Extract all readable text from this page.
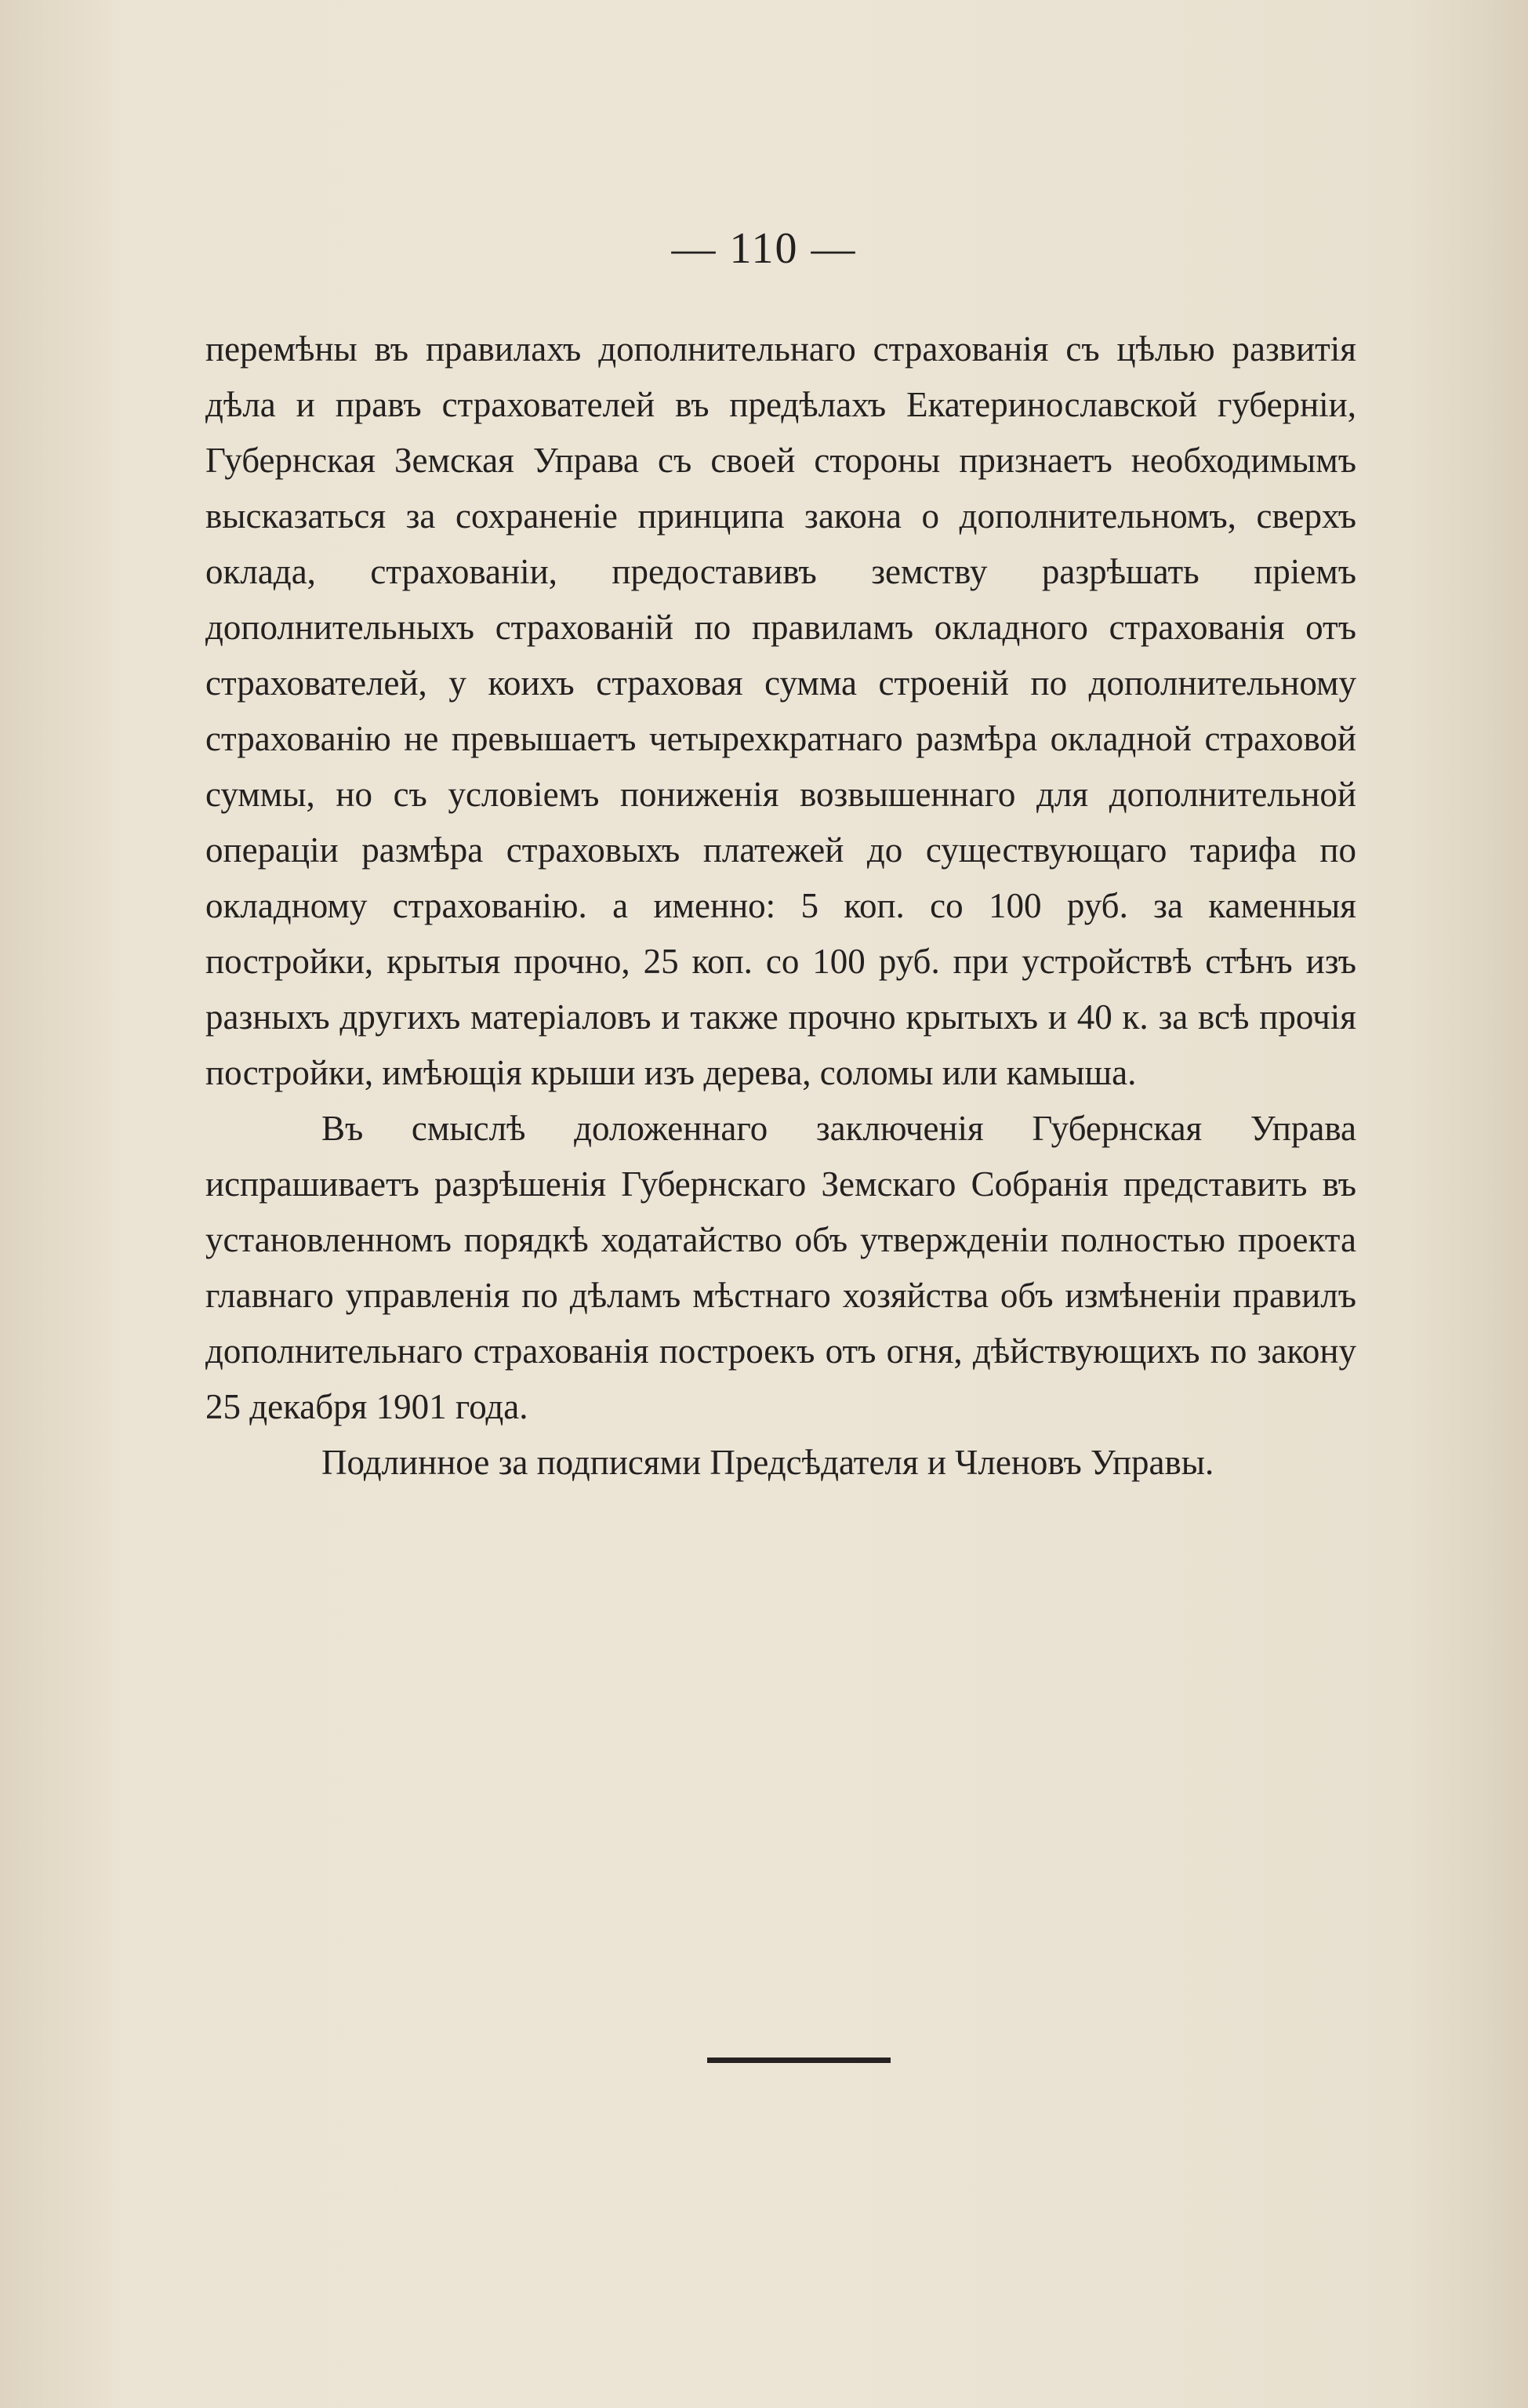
— 110 —

перемѣны въ правилахъ дополнительнаго страхованія съ цѣлью развитія дѣла и правъ страхователей въ предѣлахъ Екатеринославской губерніи, Губернская Земская Управа съ своей стороны признаетъ необходимымъ высказаться за сохраненіе принципа закона о дополнительномъ, сверхъ оклада, страхованіи, предоставивъ земству разрѣшать пріемъ дополнительныхъ страхованій по правиламъ окладного страхованія отъ страхователей, у коихъ страховая сумма строеній по дополнительному страхованію не превышаетъ четырехкратнаго размѣра окладной страховой суммы, но съ условіемъ пониженія возвышеннаго для дополнительной операціи размѣра страховыхъ платежей до существующаго тарифа по окладному страхованію. а именно: 5 коп. со 100 руб. за каменныя постройки, крытыя прочно, 25 коп. со 100 руб. при устройствѣ стѣнъ изъ разныхъ другихъ матеріаловъ и также прочно крытыхъ и 40 к. за всѣ прочія постройки, имѣющія крыши изъ дерева, соломы или камыша.

Въ смыслѣ доложеннаго заключенія Губернская Управа испрашиваетъ разрѣшенія Губернскаго Земскаго Собранія представить въ установленномъ порядкѣ ходатайство объ утвержденіи полностью проекта главнаго управленія по дѣламъ мѣстнаго хозяйства объ измѣненіи правилъ дополнительнаго страхованія построекъ отъ огня, дѣйствующихъ по закону 25 декабря 1901 года.

Подлинное за подписями Предсѣдателя и Членовъ Управы.
